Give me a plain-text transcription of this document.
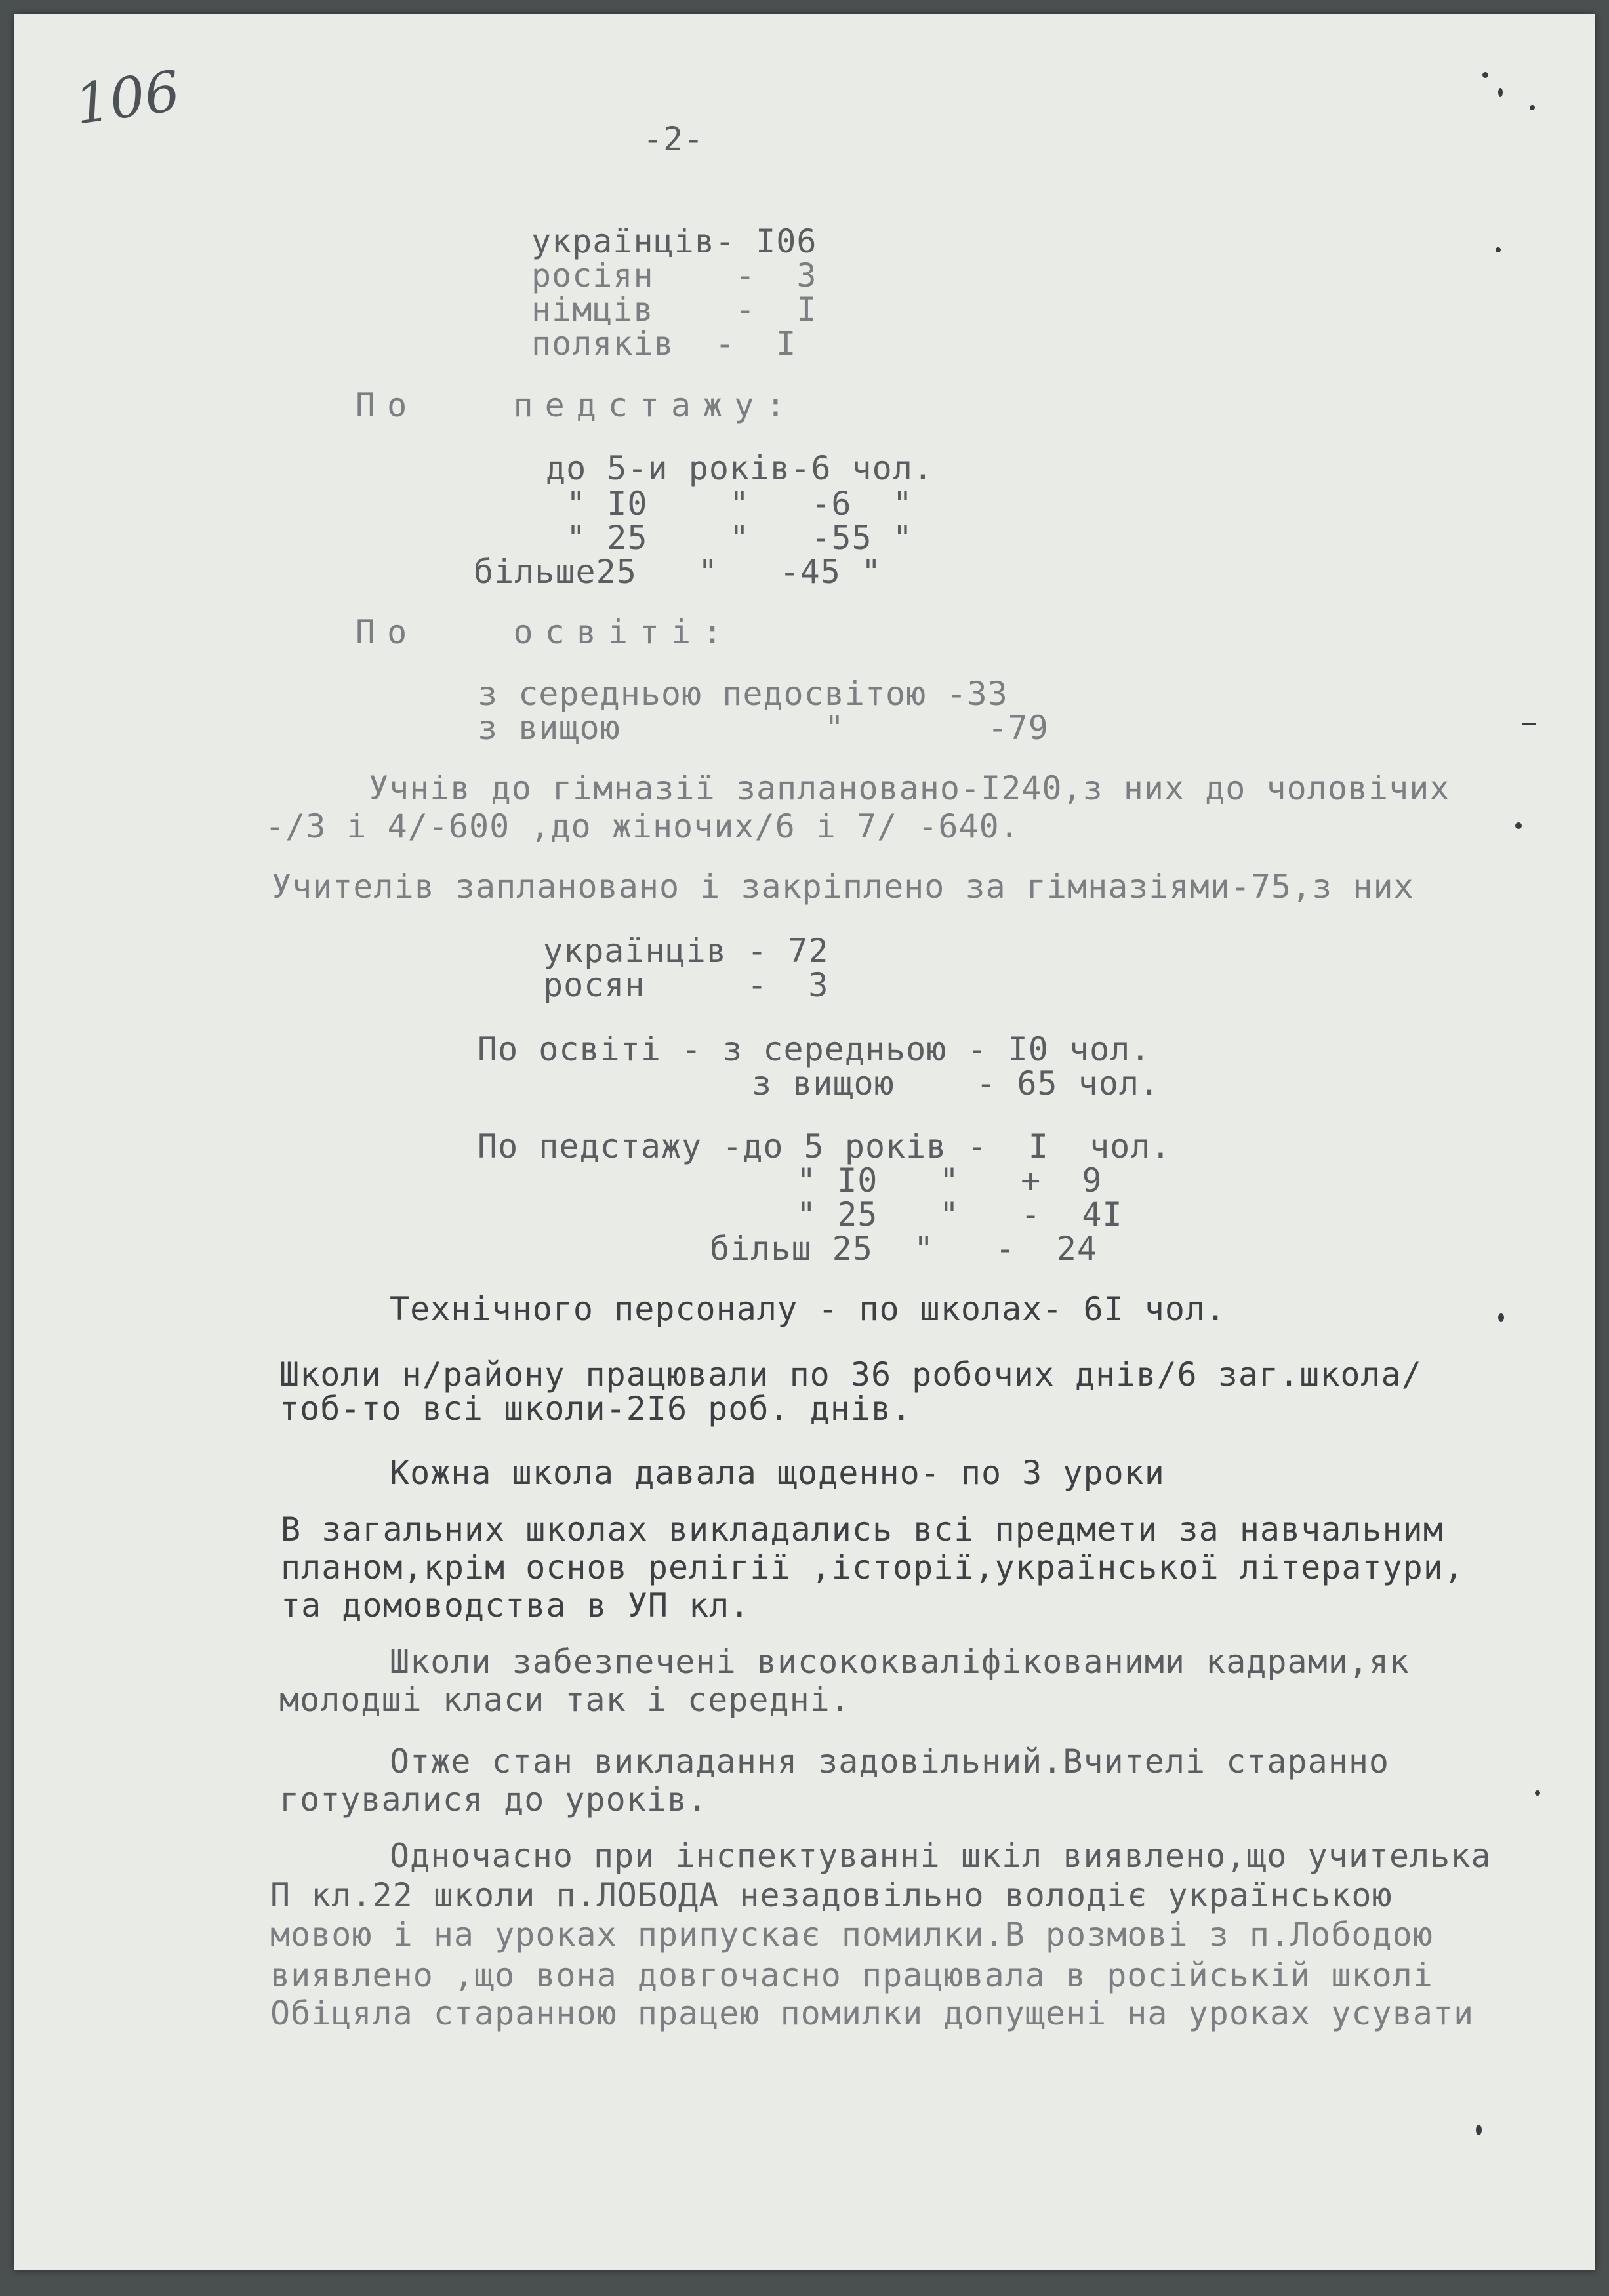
106
-2-
українців- I06
росіян    -  3
німців    -  I
поляків  -  I
По   педстажу:
до 5-и років-6 чол.
" I0    "   -6  "
" 25    "   -55 "
більше25   "   -45 "
По   освіті:
з середньою педосвітою -33
з вищою          "       -79
Учнів до гімназії заплановано-I240,з них до чоловічих
-/3 і 4/-600 ,до жіночих/6 і 7/ -640.
Учителів заплановано і закріплено за гімназіями-75,з них
українців - 72
росян     -  3
По освіті - з середньою - I0 чол.
з вищою    - 65 чол.
По педстажу -до 5 років -  I  чол.
" I0   "   +  9
" 25   "   -  4I
більш 25  "   -  24
Технічного персоналу - по школах- 6I чол.
Школи н/району працювали по 36 робочих днів/6 заг.школа/
тоб-то всі школи-2I6 роб. днів.
Кожна школа давала щоденно- по 3 уроки
В загальних школах викладались всі предмети за навчальним
планом,крім основ релігії ,історії,української літератури,
та домоводства в УП кл.
Школи забезпечені висококваліфікованими кадрами,як
молодші класи так і середні.
Отже стан викладання задовільний.Вчителі старанно
готувалися до уроків.
Одночасно при інспектуванні шкіл виявлено,що учителька
П кл.22 школи п.ЛОБОДА незадовільно володіє українською
мовою і на уроках припускає помилки.В розмові з п.Лободою
виявлено ,що вона довгочасно працювала в російській школі
Обіцяла старанною працею помилки допущені на уроках усувати
